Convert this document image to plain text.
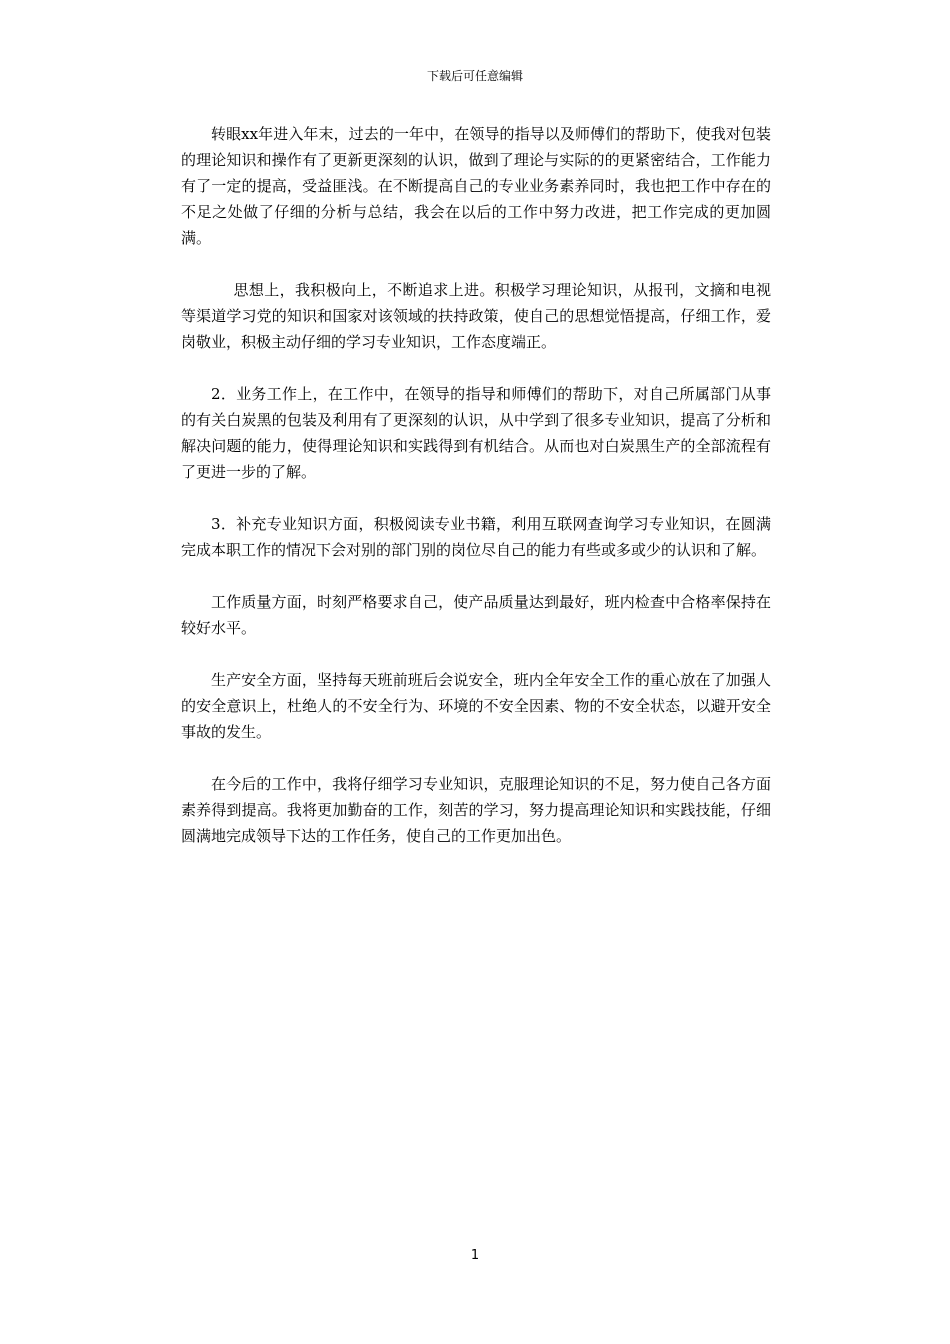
下载后可任意编辑

转眼xx年进入年末，过去的一年中，在领导的指导以及师傅们的帮助下，使我对包装的理论知识和操作有了更新更深刻的认识，做到了理论与实际的的更紧密结合，工作能力有了一定的提高，受益匪浅。在不断提高自己的专业业务素养同时，我也把工作中存在的不足之处做了仔细的分析与总结，我会在以后的工作中努力改进，把工作完成的更加圆满。

思想上，我积极向上，不断追求上进。积极学习理论知识，从报刊，文摘和电视等渠道学习党的知识和国家对该领域的扶持政策，使自己的思想觉悟提高，仔细工作，爱岗敬业，积极主动仔细的学习专业知识，工作态度端正。

2．业务工作上，在工作中，在领导的指导和师傅们的帮助下，对自己所属部门从事的有关白炭黑的包装及利用有了更深刻的认识，从中学到了很多专业知识，提高了分析和解决问题的能力，使得理论知识和实践得到有机结合。从而也对白炭黑生产的全部流程有了更进一步的了解。

3．补充专业知识方面，积极阅读专业书籍，利用互联网查询学习专业知识，在圆满完成本职工作的情况下会对别的部门别的岗位尽自己的能力有些或多或少的认识和了解。

工作质量方面，时刻严格要求自己，使产品质量达到最好，班内检查中合格率保持在较好水平。

生产安全方面，坚持每天班前班后会说安全，班内全年安全工作的重心放在了加强人的安全意识上，杜绝人的不安全行为、环境的不安全因素、物的不安全状态，以避开安全事故的发生。

在今后的工作中，我将仔细学习专业知识，克服理论知识的不足，努力使自己各方面素养得到提高。我将更加勤奋的工作，刻苦的学习，努力提高理论知识和实践技能，仔细圆满地完成领导下达的工作任务，使自己的工作更加出色。

1
